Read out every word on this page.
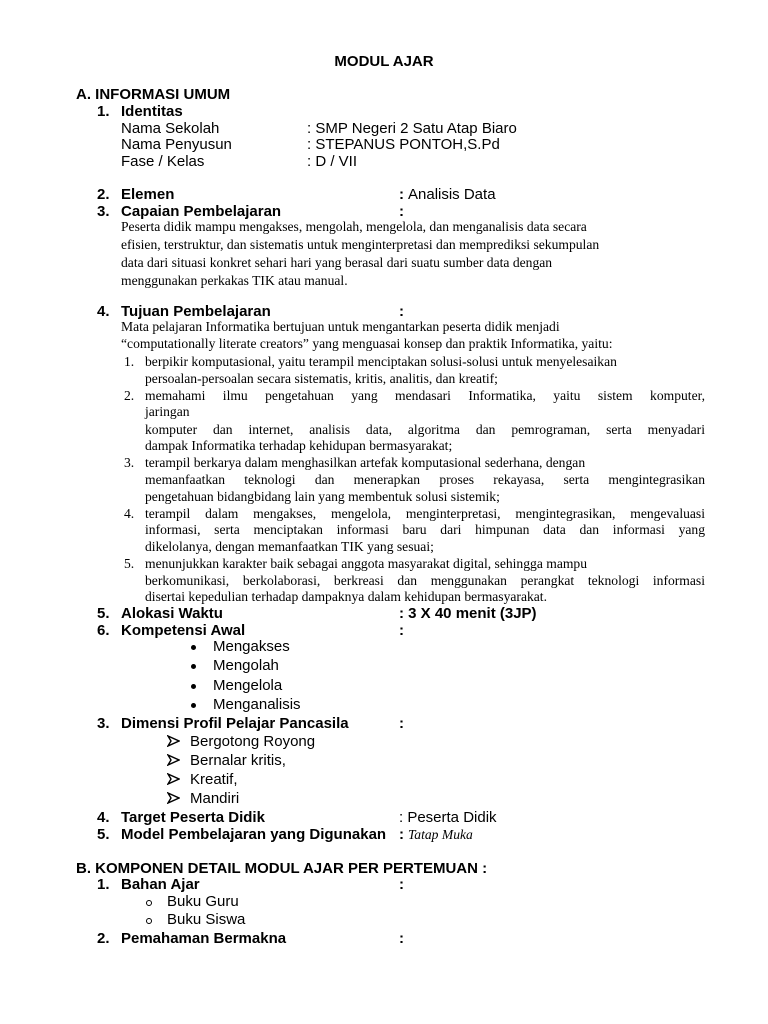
MODUL AJAR
A. INFORMASI UMUM
1. Identitas
Nama Sekolah	: SMP Negeri 2 Satu Atap Biaro
Nama Penyusun	: STEPANUS PONTOH,S.Pd
Fase / Kelas	: D / VII
2. Elemen	: Analisis Data
3. Capaian Pembelajaran	:
Peserta didik mampu mengakses, mengolah, mengelola, dan menganalisis data secara
efisien, terstruktur, dan sistematis untuk menginterpretasi dan memprediksi sekumpulan
data dari situasi konkret sehari hari yang berasal dari suatu sumber data dengan
menggunakan perkakas TIK atau manual.
4. Tujuan Pembelajaran	:
Mata pelajaran Informatika bertujuan untuk mengantarkan peserta didik menjadi
“computationally literate creators” yang menguasai konsep dan praktik Informatika, yaitu:
1. berpikir komputasional, yaitu terampil menciptakan solusi-solusi untuk menyelesaikan
persoalan-persoalan secara sistematis, kritis, analitis, dan kreatif;
2. memahami ilmu pengetahuan yang mendasari Informatika, yaitu sistem komputer,
jaringan
komputer dan internet, analisis data, algoritma dan pemrograman, serta menyadari
dampak Informatika terhadap kehidupan bermasyarakat;
3. terampil berkarya dalam menghasilkan artefak komputasional sederhana, dengan
memanfaatkan teknologi dan menerapkan proses rekayasa, serta mengintegrasikan
pengetahuan bidangbidang lain yang membentuk solusi sistemik;
4. terampil dalam mengakses, mengelola, menginterpretasi, mengintegrasikan, mengevaluasi
informasi, serta menciptakan informasi baru dari himpunan data dan informasi yang
dikelolanya, dengan memanfaatkan TIK yang sesuai;
5. menunjukkan karakter baik sebagai anggota masyarakat digital, sehingga mampu
berkomunikasi, berkolaborasi, berkreasi dan menggunakan perangkat teknologi informasi
disertai kepedulian terhadap dampaknya dalam kehidupan bermasyarakat.
5. Alokasi Waktu	: 3 X 40 menit (3JP)
6. Kompetensi Awal	:
Mengakses
Mengolah
Mengelola
Menganalisis
3. Dimensi Profil Pelajar Pancasila	:
Bergotong Royong
Bernalar kritis,
Kreatif,
Mandiri
4. Target Peserta Didik	: Peserta Didik
5. Model Pembelajaran yang Digunakan : Tatap Muka
B. KOMPONEN DETAIL MODUL AJAR PER PERTEMUAN :
1. Bahan Ajar	:
Buku Guru
Buku Siswa
2. Pemahaman Bermakna	:
